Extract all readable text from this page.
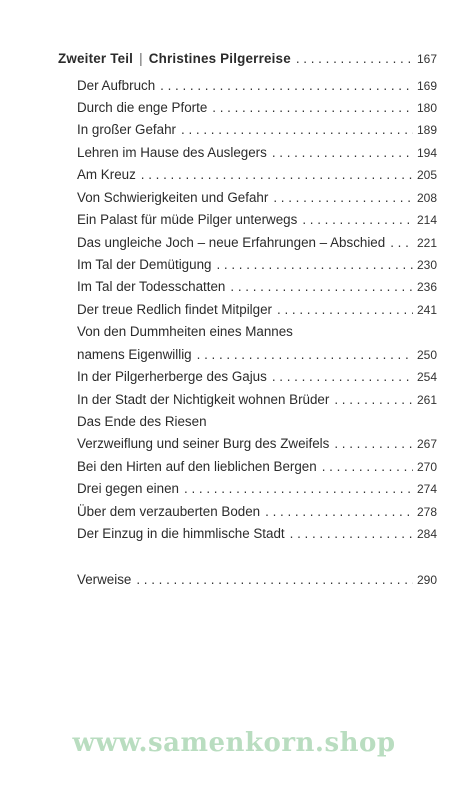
Zweiter Teil | Christines Pilgerreise . . .	167
Der Aufbruch . . .	169
Durch die enge Pforte . . .	180
In großer Gefahr . . .	189
Lehren im Hause des Auslegers . . .	194
Am Kreuz . . .	205
Von Schwierigkeiten und Gefahr . . .	208
Ein Palast für müde Pilger unterwegs . . .	214
Das ungleiche Joch – neue Erfahrungen – Abschied . . .	221
Im Tal der Demütigung . . .	230
Im Tal der Todesschatten . . .	236
Der treue Redlich findet Mitpilger . . .	241
Von den Dummheiten eines Mannes
namens Eigenwillig . . .	250
In der Pilgerherberge des Gajus . . .	254
In der Stadt der Nichtigkeit wohnen Brüder . . .	261
Das Ende des Riesen
Verzweiflung und seiner Burg des Zweifels . . .	267
Bei den Hirten auf den lieblichen Bergen . . .	270
Drei gegen einen . . .	274
Über dem verzauberten Boden . . .	278
Der Einzug in die himmlische Stadt . . .	284
Verweise . . .	290
www.samenkorn.shop
